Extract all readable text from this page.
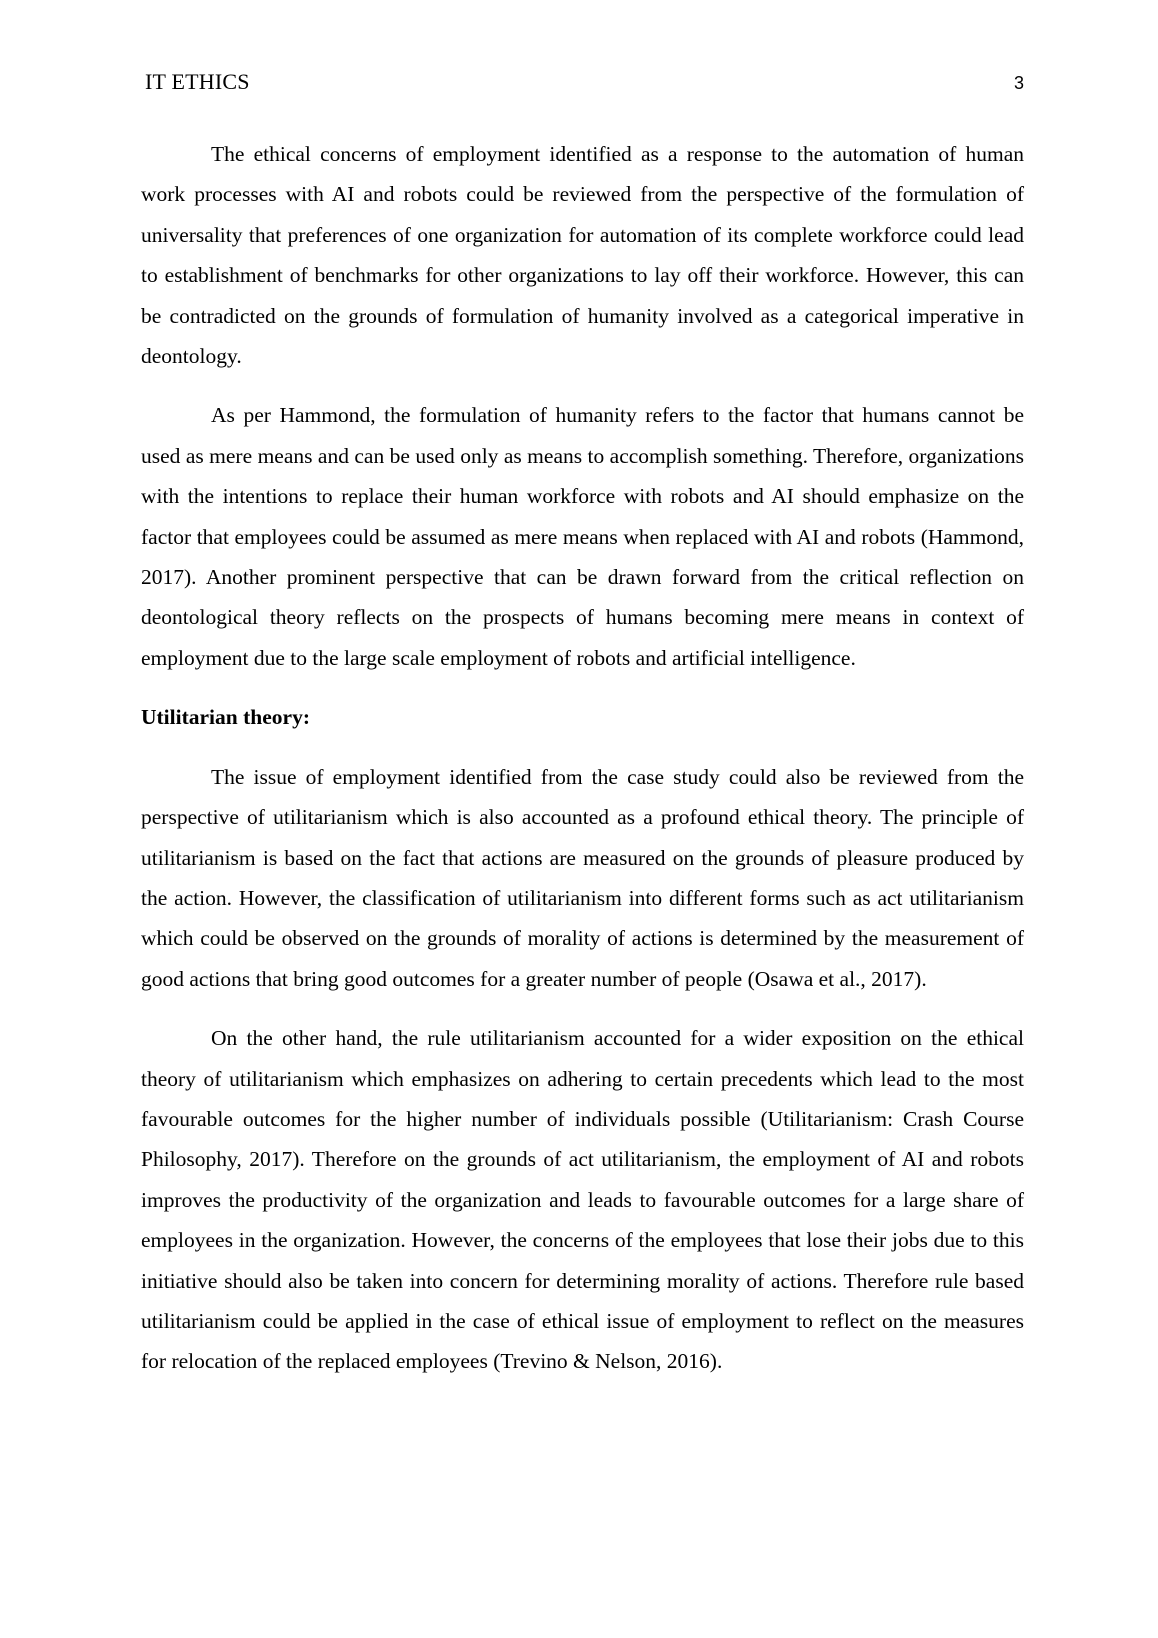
IT ETHICS	3

The ethical concerns of employment identified as a response to the automation of human work processes with AI and robots could be reviewed from the perspective of the formulation of universality that preferences of one organization for automation of its complete workforce could lead to establishment of benchmarks for other organizations to lay off their workforce. However, this can be contradicted on the grounds of formulation of humanity involved as a categorical imperative in deontology.

As per Hammond, the formulation of humanity refers to the factor that humans cannot be used as mere means and can be used only as means to accomplish something. Therefore, organizations with the intentions to replace their human workforce with robots and AI should emphasize on the factor that employees could be assumed as mere means when replaced with AI and robots (Hammond, 2017). Another prominent perspective that can be drawn forward from the critical reflection on deontological theory reflects on the prospects of humans becoming mere means in context of employment due to the large scale employment of robots and artificial intelligence.

Utilitarian theory:

The issue of employment identified from the case study could also be reviewed from the perspective of utilitarianism which is also accounted as a profound ethical theory. The principle of utilitarianism is based on the fact that actions are measured on the grounds of pleasure produced by the action. However, the classification of utilitarianism into different forms such as act utilitarianism which could be observed on the grounds of morality of actions is determined by the measurement of good actions that bring good outcomes for a greater number of people (Osawa et al., 2017).

On the other hand, the rule utilitarianism accounted for a wider exposition on the ethical theory of utilitarianism which emphasizes on adhering to certain precedents which lead to the most favourable outcomes for the higher number of individuals possible (Utilitarianism: Crash Course Philosophy, 2017). Therefore on the grounds of act utilitarianism, the employment of AI and robots improves the productivity of the organization and leads to favourable outcomes for a large share of employees in the organization. However, the concerns of the employees that lose their jobs due to this initiative should also be taken into concern for determining morality of actions. Therefore rule based utilitarianism could be applied in the case of ethical issue of employment to reflect on the measures for relocation of the replaced employees (Trevino & Nelson, 2016).
